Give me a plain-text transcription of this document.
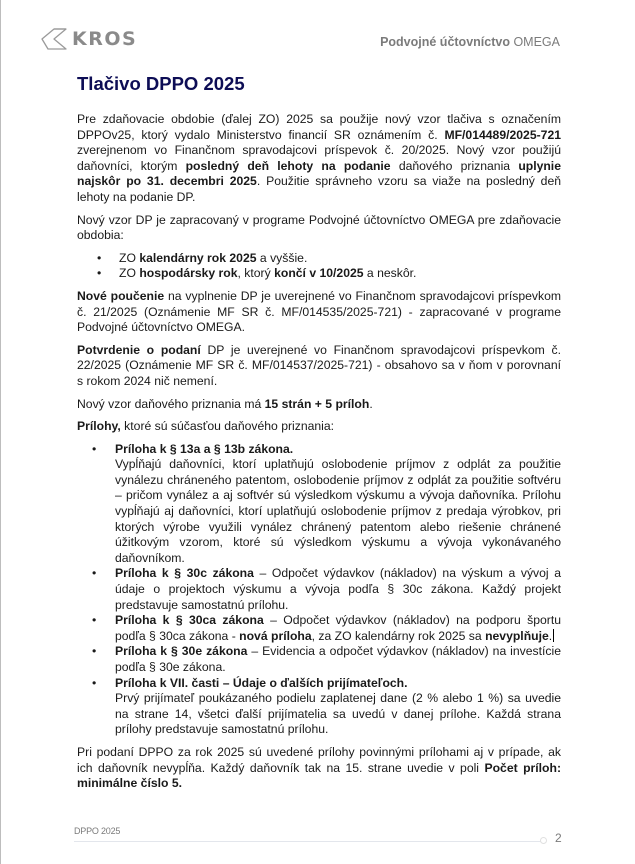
KROS	Podvojné účtovníctvo OMEGA
Tlačivo DPPO 2025

Pre zdaňovacie obdobie (ďalej ZO) 2025 sa použije nový vzor tlačiva s označením DPPOv25, ktorý vydalo Ministerstvo financií SR oznámením č. MF/014489/2025-721 zverejnenom vo Finančnom spravodajcovi príspevok č. 20/2025. Nový vzor použijú daňovníci, ktorým posledný deň lehoty na podanie daňového priznania uplynie najskôr po 31. decembri 2025. Použitie správneho vzoru sa viaže na posledný deň lehoty na podanie DP.

Nový vzor DP je zapracovaný v programe Podvojné účtovníctvo OMEGA pre zdaňovacie obdobia:

• ZO kalendárny rok 2025 a vyššie.
• ZO hospodársky rok, ktorý končí v 10/2025 a neskôr.

Nové poučenie na vyplnenie DP je uverejnené vo Finančnom spravodajcovi príspevkom č. 21/2025 (Oznámenie MF SR č. MF/014535/2025-721) - zapracované v programe Podvojné účtovníctvo OMEGA.

Potvrdenie o podaní DP je uverejnené vo Finančnom spravodajcovi príspevkom č. 22/2025 (Oznámenie MF SR č. MF/014537/2025-721) - obsahovo sa v ňom v porovnaní s rokom 2024 nič nemení.

Nový vzor daňového priznania má 15 strán + 5 príloh.

Prílohy, ktoré sú súčasťou daňového priznania:

• Príloha k § 13a a § 13b zákona.
Vypĺňajú daňovníci, ktorí uplatňujú oslobodenie príjmov z odplát za použitie vynálezu chráneného patentom, oslobodenie príjmov z odplát za použitie softvéru – pričom vynález a aj softvér sú výsledkom výskumu a vývoja daňovníka. Prílohu vypĺňajú aj daňovníci, ktorí uplatňujú oslobodenie príjmov z predaja výrobkov, pri ktorých výrobe využili vynález chránený patentom alebo riešenie chránené úžitkovým vzorom, ktoré sú výsledkom výskumu a vývoja vykonávaného daňovníkom.
• Príloha k § 30c zákona – Odpočet výdavkov (nákladov) na výskum a vývoj a údaje o projektoch výskumu a vývoja podľa § 30c zákona. Každý projekt predstavuje samostatnú prílohu.
• Príloha k § 30ca zákona – Odpočet výdavkov (nákladov) na podporu športu podľa § 30ca zákona - nová príloha, za ZO kalendárny rok 2025 sa nevyplňuje.
• Príloha k § 30e zákona – Evidencia a odpočet výdavkov (nákladov) na investície podľa § 30e zákona.
• Príloha k VII. časti – Údaje o ďalších prijímateľoch.
Prvý prijímateľ poukázaného podielu zaplatenej dane (2 % alebo 1 %) sa uvedie na strane 14, všetci ďalší prijímatelia sa uvedú v danej prílohe. Každá strana prílohy predstavuje samostatnú prílohu.

Pri podaní DPPO za rok 2025 sú uvedené prílohy povinnými prílohami aj v prípade, ak ich daňovník nevypĺňa. Každý daňovník tak na 15. strane uvedie v poli Počet príloh: minimálne číslo 5.

DPPO 2025	2
